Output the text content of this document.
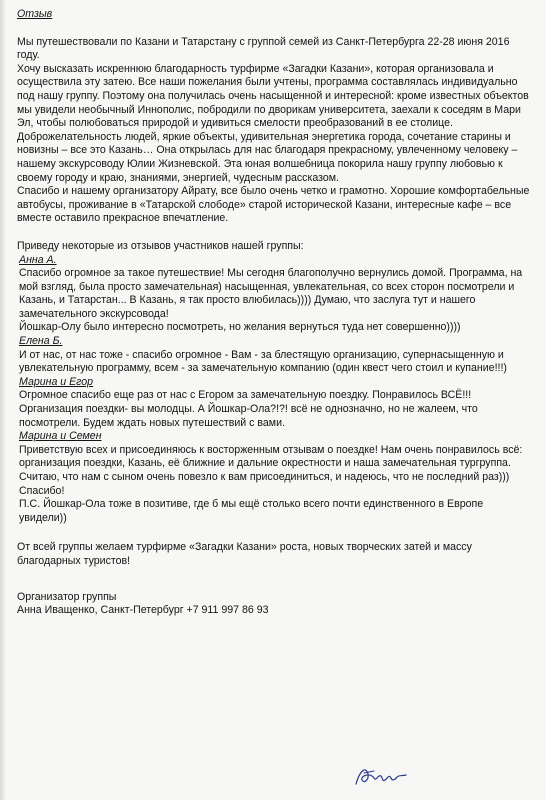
Отзыв

Мы путешествовали по Казани и Татарстану с группой семей из Санкт-Петербурга 22-28 июня 2016 году.

Хочу высказать искреннюю благодарность турфирме «Загадки Казани», которая организовала и осуществила эту затею. Все наши пожелания были учтены, программа составлялась индивидуально под нашу группу. Поэтому она получилась очень насыщенной и интересной: кроме известных объектов мы увидели необычный Иннополис, побродили по дворикам университета, заехали к соседям в Мари Эл, чтобы полюбоваться природой и удивиться смелости преобразований в ее столице.

Доброжелательность людей, яркие объекты, удивительная энергетика города, сочетание старины и новизны – все это Казань… Она открылась для нас благодаря прекрасному, увлеченному человеку – нашему экскурсоводу Юлии Жизневской. Эта юная волшебница покорила нашу группу любовью к своему городу и краю, знаниями, энергией, чудесным рассказом.

Спасибо и нашему организатору Айрату, все было очень четко и грамотно. Хорошие комфортабельные автобусы, проживание в «Татарской слободе» старой исторической Казани, интересные кафе – все вместе оставило прекрасное впечатление.

Приведу некоторые из отзывов участников нашей группы:

Анна А.

Спасибо огромное за такое путешествие! Мы сегодня благополучно вернулись домой. Программа, на мой взгляд, была просто замечательная) насыщенная, увлекательная, со всех сторон посмотрели и Казань, и Татарстан... В Казань, я так просто влюбилась)))) Думаю, что заслуга тут и нашего замечательного экскурсовода!

Йошкар-Олу было интересно посмотреть, но желания вернуться туда нет совершенно))))

Елена Б.

И от нас, от нас тоже - спасибо огромное - Вам - за блестящую организацию, супернасыщенную и увлекательную программу, всем - за замечательную компанию (один квест чего стоил и купание!!!)

Марина и Егор

Огромное спасибо еще раз от нас с Егором за замечательную поездку. Понравилось ВСЁ!!! Организация поездки- вы молодцы. А Йошкар-Ола?!?! всё не однозначно, но не жалеем, что посмотрели. Будем ждать новых путешествий с вами.

Марина и Семен

Приветствую всех и присоединяюсь к восторженным отзывам о поездке! Нам очень понравилось всё: организация поездки, Казань, её ближние и дальние окрестности и наша замечательная тургруппа. Считаю, что нам с сыном очень повезло к вам присоединиться, и надеюсь, что не последний раз))) Спасибо!

П.С. Йошкар-Ола тоже в позитиве, где б мы ещё столько всего почти единственного в Европе увидели))

От всей группы желаем турфирме «Загадки Казани» роста, новых творческих затей и массу благодарных туристов!

Организатор группы

Анна Иващенко, Санкт-Петербург +7 911 997 86 93
